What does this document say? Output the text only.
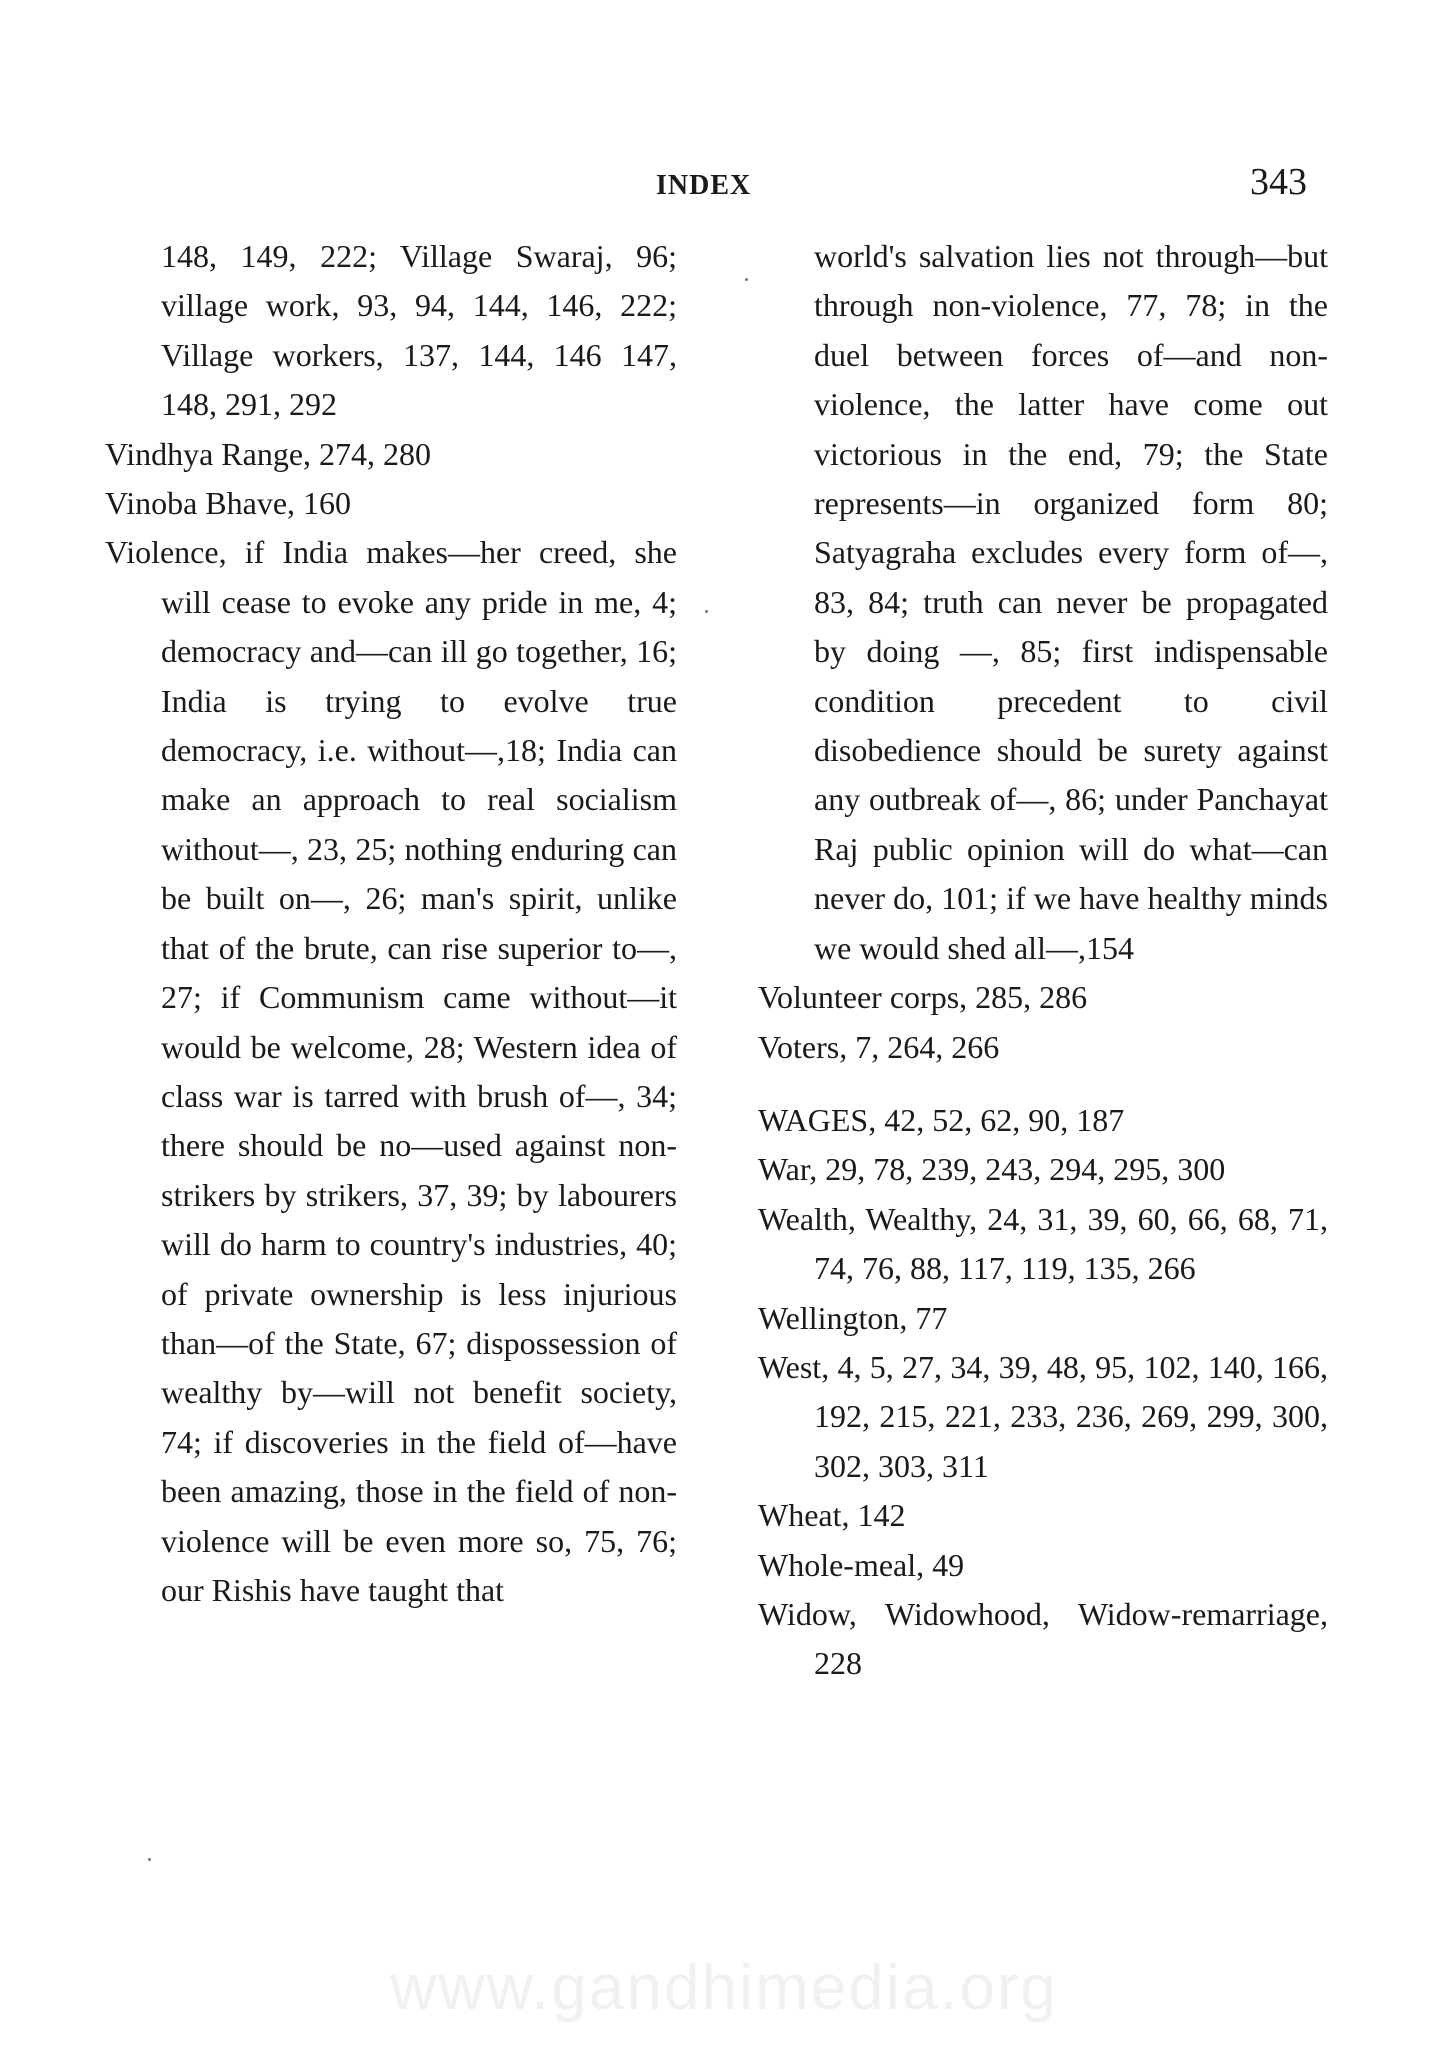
INDEX	343
148, 149, 222; Village Swaraj, 96; village work, 93, 94, 144, 146, 222; Village workers, 137, 144, 146 147, 148, 291, 292
Vindhya Range, 274, 280
Vinoba Bhave, 160
Violence, if India makes—her creed, she will cease to evoke any pride in me, 4; democracy and—can ill go together, 16; India is trying to evolve true democracy, i.e. without—,18; India can make an approach to real socialism without—, 23, 25; nothing enduring can be built on—, 26; man's spirit, unlike that of the brute, can rise superior to—, 27; if Communism came without—it would be welcome, 28; Western idea of class war is tarred with brush of—, 34; there should be no—used against non-strikers by strikers, 37, 39; by labourers will do harm to country's industries, 40; of private ownership is less injurious than—of the State, 67; dispossession of wealthy by—will not benefit society, 74; if discoveries in the field of—have been amazing, those in the field of non-violence will be even more so, 75, 76; our Rishis have taught that
world's salvation lies not through—but through non-violence, 77, 78; in the duel between forces of—and non-violence, the latter have come out victorious in the end, 79; the State represents—in organized form 80; Satyagraha excludes every form of—, 83, 84; truth can never be propagated by doing —, 85; first indispensable condition precedent to civil disobedience should be surety against any outbreak of—, 86; under Panchayat Raj public opinion will do what—can never do, 101; if we have healthy minds we would shed all—,154
Volunteer corps, 285, 286
Voters, 7, 264, 266
WAGES, 42, 52, 62, 90, 187
War, 29, 78, 239, 243, 294, 295, 300
Wealth, Wealthy, 24, 31, 39, 60, 66, 68, 71, 74, 76, 88, 117, 119, 135, 266
Wellington, 77
West, 4, 5, 27, 34, 39, 48, 95, 102, 140, 166, 192, 215, 221, 233, 236, 269, 299, 300, 302, 303, 311
Wheat, 142
Whole-meal, 49
Widow, Widowhood, Widow-remarriage, 228
www.gandhimedia.org
